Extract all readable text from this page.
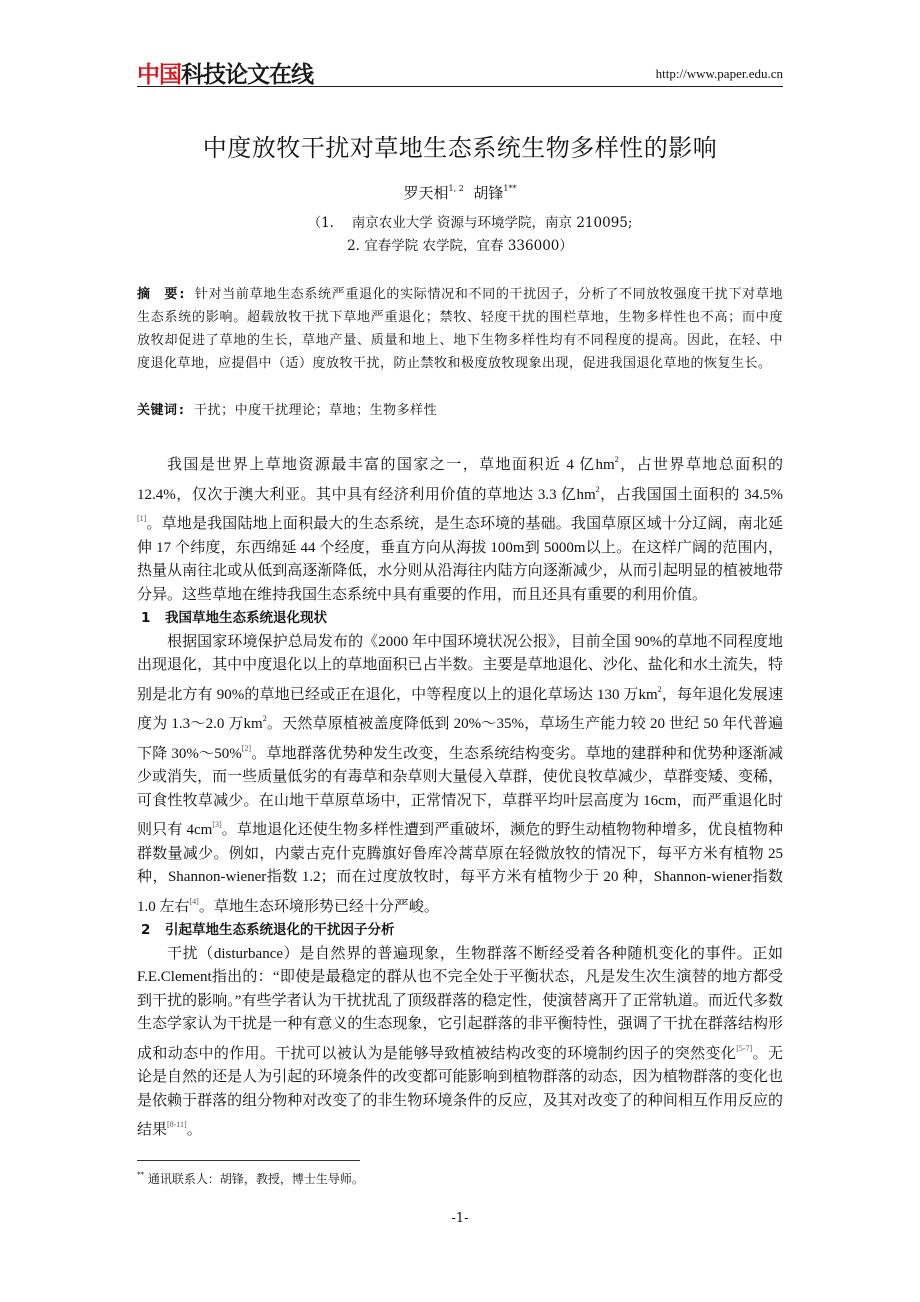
中国科技论文在线	http://www.paper.edu.cn
中度放牧干扰对草地生态系统生物多样性的影响
罗天相$^{1, 2}$ 胡锋$^{1**}$
（1.　 南京农业大学 资源与环境学院，南京 210095;
2. 宜春学院 农学院，宜春 336000）
摘　要: 针对当前草地生态系统严重退化的实际情况和不同的干扰因子，分析了不同放牧强度干扰下对草地生态系统的影响。超载放牧干扰下草地严重退化；禁牧、轻度干扰的围栏草地，生物多样性也不高；而中度放牧却促进了草地的生长，草地产量、质量和地上、地下生物多样性均有不同程度的提高。因此，在轻、中度退化草地，应提倡中（适）度放牧干扰，防止禁牧和极度放牧现象出现，促进我国退化草地的恢复生长。
关键词: 干扰；中度干扰理论；草地；生物多样性

我国是世界上草地资源最丰富的国家之一，草地面积近 4 亿$hm^2$，占世界草地总面积的 12.4%，仅次于澳大利亚。其中具有经济利用价值的草地达 3.3 亿$hm^2$，占我国国土面积的 34.5%[1]。草地是我国陆地上面积最大的生态系统，是生态环境的基础。我国草原区域十分辽阔，南北延伸 17 个纬度，东西绵延 44 个经度，垂直方向从海拔 100m到 5000m以上。在这样广阔的范围内，热量从南往北或从低到高逐渐降低，水分则从沿海往内陆方向逐渐减少，从而引起明显的植被地带分异。这些草地在维持我国生态系统中具有重要的作用，而且还具有重要的利用价值。

1 我国草地生态系统退化现状

根据国家环境保护总局发布的《2000 年中国环境状况公报》，目前全国 90%的草地不同程度地出现退化，其中中度退化以上的草地面积已占半数。主要是草地退化、沙化、盐化和水土流失，特别是北方有 90%的草地已经或正在退化，中等程度以上的退化草场达 130 万$km^2$，每年退化发展速度为 1.3～2.0 万$km^2$。天然草原植被盖度降低到 20%～35%，草场生产能力较 20 世纪 50 年代普遍下降 30%～50%[2]。草地群落优势种发生改变，生态系统结构变劣。草地的建群种和优势种逐渐减少或消失，而一些质量低劣的有毒草和杂草则大量侵入草群，使优良牧草减少，草群变矮、变稀，可食性牧草减少。在山地干草原草场中，正常情况下，草群平均叶层高度为 16cm，而严重退化时则只有 4cm[3]。草地退化还使生物多样性遭到严重破坏，濒危的野生动植物物种增多，优良植物种群数量减少。例如，内蒙古克什克腾旗好鲁库冷蒿草原在轻微放牧的情况下，每平方米有植物 25 种，Shannon-wiener指数 1.2；而在过度放牧时，每平方米有植物少于 20 种，Shannon-wiener指数 1.0 左右[4]。草地生态环境形势已经十分严峻。

2 引起草地生态系统退化的干扰因子分析

干扰（disturbance）是自然界的普遍现象，生物群落不断经受着各种随机变化的事件。正如F.E.Clement指出的：“即使是最稳定的群从也不完全处于平衡状态，凡是发生次生演替的地方都受到干扰的影响。”有些学者认为干扰扰乱了顶级群落的稳定性，使演替离开了正常轨道。而近代多数生态学家认为干扰是一种有意义的生态现象，它引起群落的非平衡特性，强调了干扰在群落结构形成和动态中的作用。干扰可以被认为是能够导致植被结构改变的环境制约因子的突然变化[5-7]。无论是自然的还是人为引起的环境条件的改变都可能影响到植物群落的动态，因为植物群落的变化也是依赖于群落的组分物种对改变了的非生物环境条件的反应，及其对改变了的种间相互作用反应的结果[8-11]。

** 通讯联系人：胡锋，教授，博士生导师。
-1-
